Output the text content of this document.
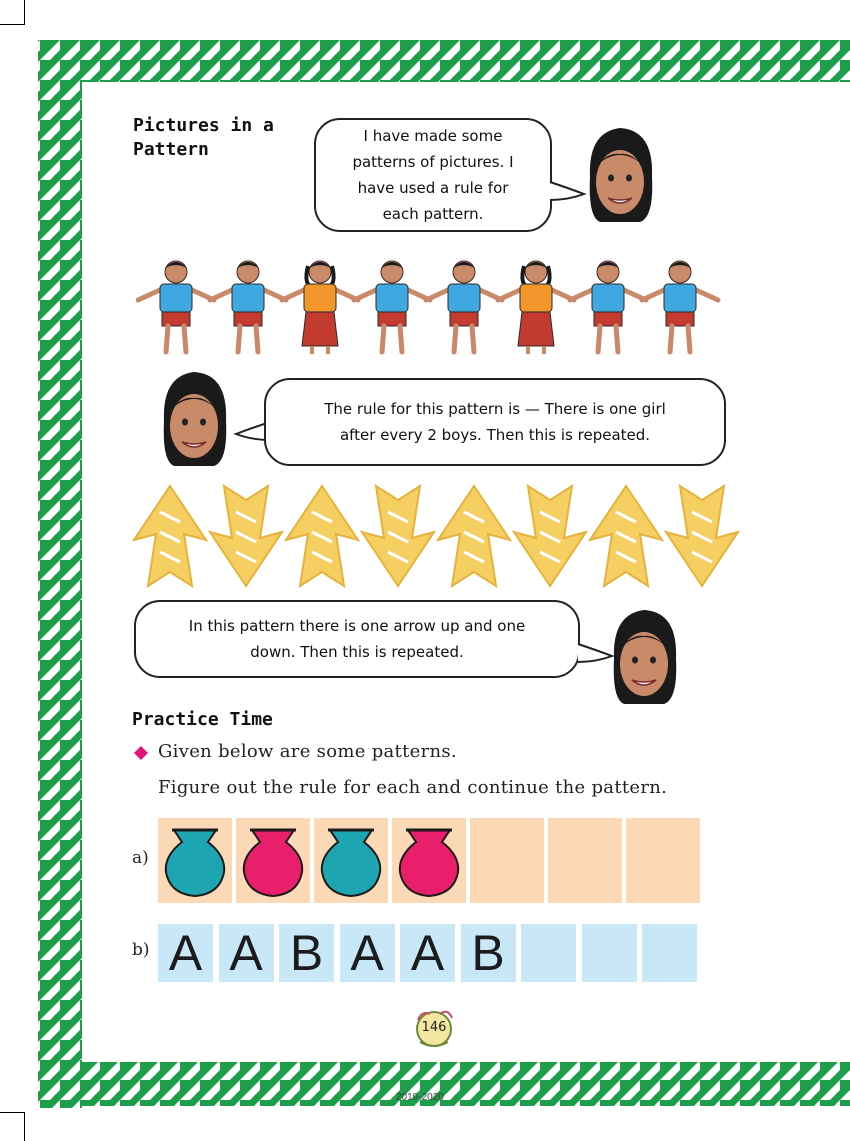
Pictures in a
Pattern
I have made some
patterns of pictures. I
have used a rule for
each pattern.
The rule for this pattern is — There is one girl
after every 2 boys. Then this is repeated.
In this pattern there is one arrow up and one
down. Then this is repeated.
Practice Time
Given below are some patterns.
Figure out the rule for each and continue the pattern.
a)
b) A A B A A B
146
2019-2020
